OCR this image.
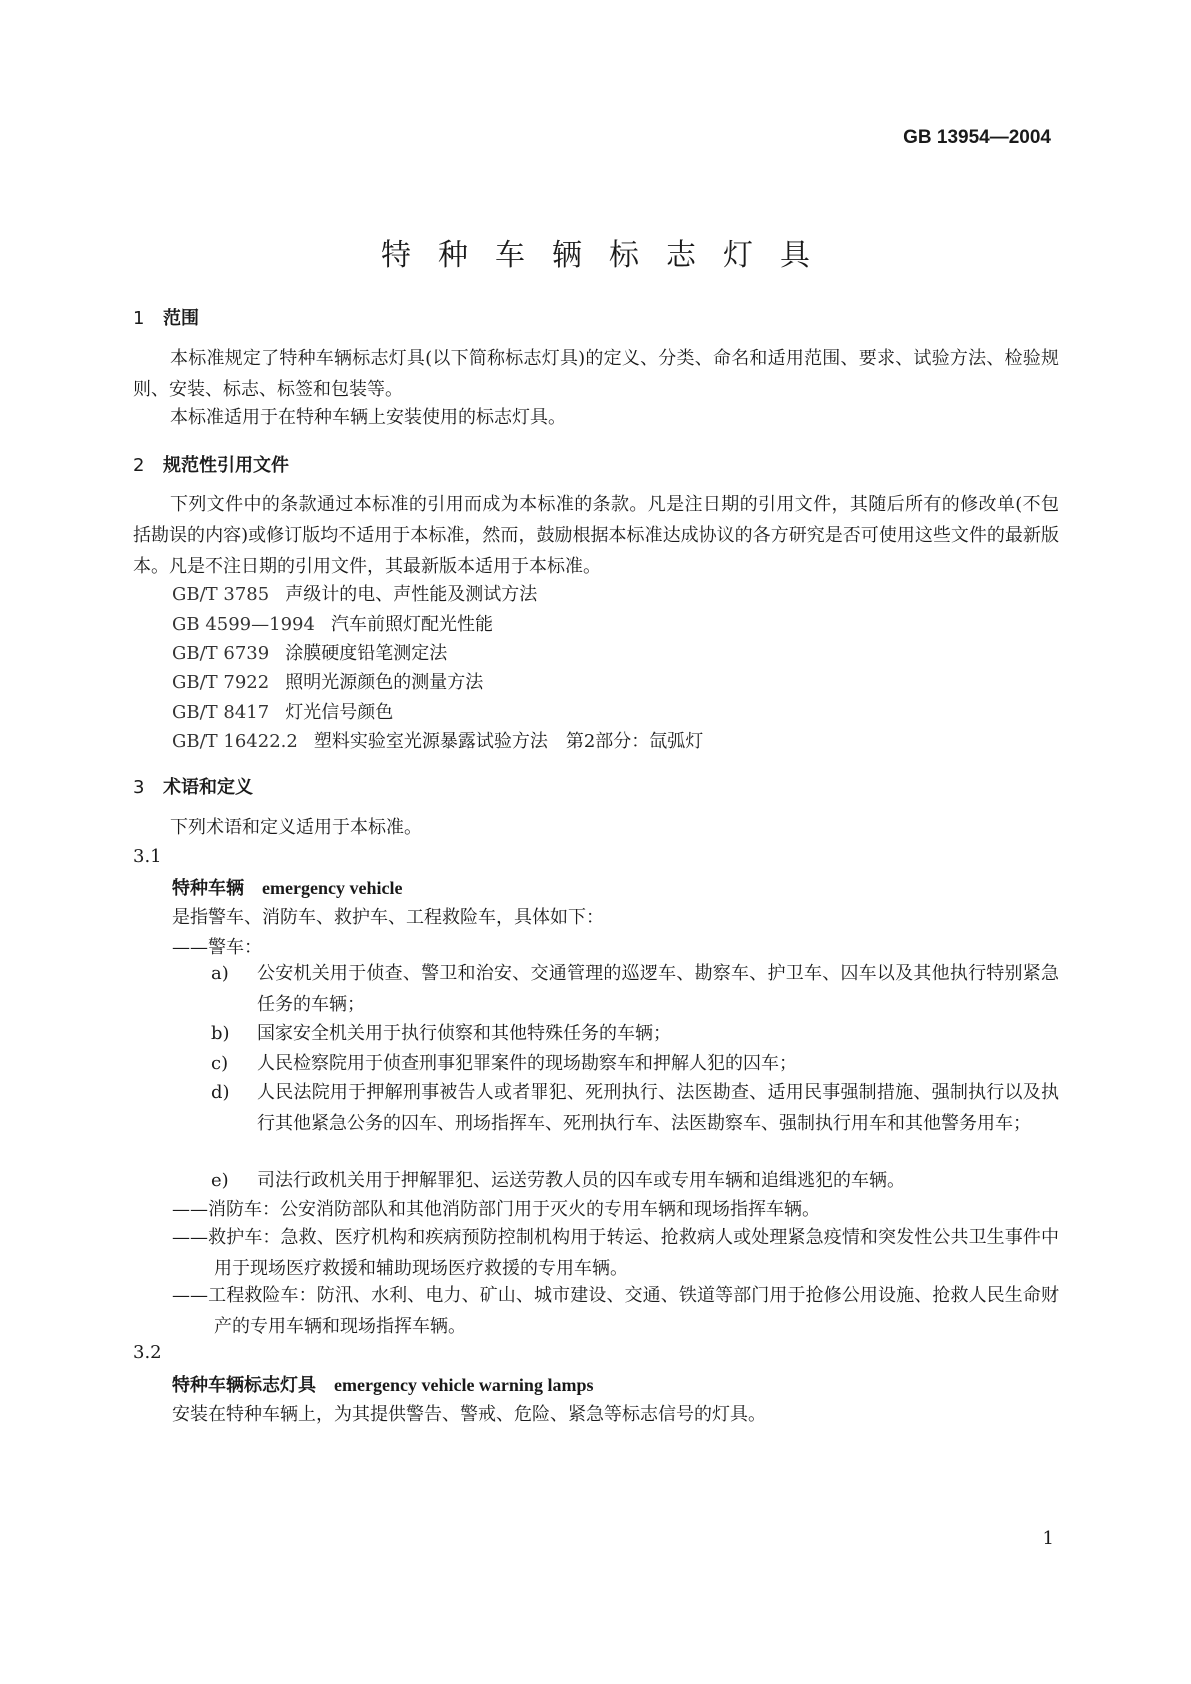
GB 13954—2004
特种车辆标志灯具
1 范围
本标准规定了特种车辆标志灯具(以下简称标志灯具)的定义、分类、命名和适用范围、要求、试验方法、检验规则、安装、标志、标签和包装等。
本标准适用于在特种车辆上安装使用的标志灯具。
2 规范性引用文件
下列文件中的条款通过本标准的引用而成为本标准的条款。凡是注日期的引用文件，其随后所有的修改单(不包括勘误的内容)或修订版均不适用于本标准，然而，鼓励根据本标准达成协议的各方研究是否可使用这些文件的最新版本。凡是不注日期的引用文件，其最新版本适用于本标准。
GB/T 3785 声级计的电、声性能及测试方法
GB 4599—1994 汽车前照灯配光性能
GB/T 6739 涂膜硬度铅笔测定法
GB/T 7922 照明光源颜色的测量方法
GB/T 8417 灯光信号颜色
GB/T 16422.2 塑料实验室光源暴露试验方法　第2部分：氙弧灯
3 术语和定义
下列术语和定义适用于本标准。
3.1
特种车辆 emergency vehicle
是指警车、消防车、救护车、工程救险车，具体如下：
——警车：
a) 公安机关用于侦查、警卫和治安、交通管理的巡逻车、勘察车、护卫车、囚车以及其他执行特别紧急任务的车辆；
b) 国家安全机关用于执行侦察和其他特殊任务的车辆；
c) 人民检察院用于侦查刑事犯罪案件的现场勘察车和押解人犯的囚车；
d) 人民法院用于押解刑事被告人或者罪犯、死刑执行、法医勘查、适用民事强制措施、强制执行以及执行其他紧急公务的囚车、刑场指挥车、死刑执行车、法医勘察车、强制执行用车和其他警务用车；
e) 司法行政机关用于押解罪犯、运送劳教人员的囚车或专用车辆和追缉逃犯的车辆。
——消防车：公安消防部队和其他消防部门用于灭火的专用车辆和现场指挥车辆。
——救护车：急救、医疗机构和疾病预防控制机构用于转运、抢救病人或处理紧急疫情和突发性公共卫生事件中用于现场医疗救援和辅助现场医疗救援的专用车辆。
——工程救险车：防汛、水利、电力、矿山、城市建设、交通、铁道等部门用于抢修公用设施、抢救人民生命财产的专用车辆和现场指挥车辆。
3.2
特种车辆标志灯具 emergency vehicle warning lamps
安装在特种车辆上，为其提供警告、警戒、危险、紧急等标志信号的灯具。
1
